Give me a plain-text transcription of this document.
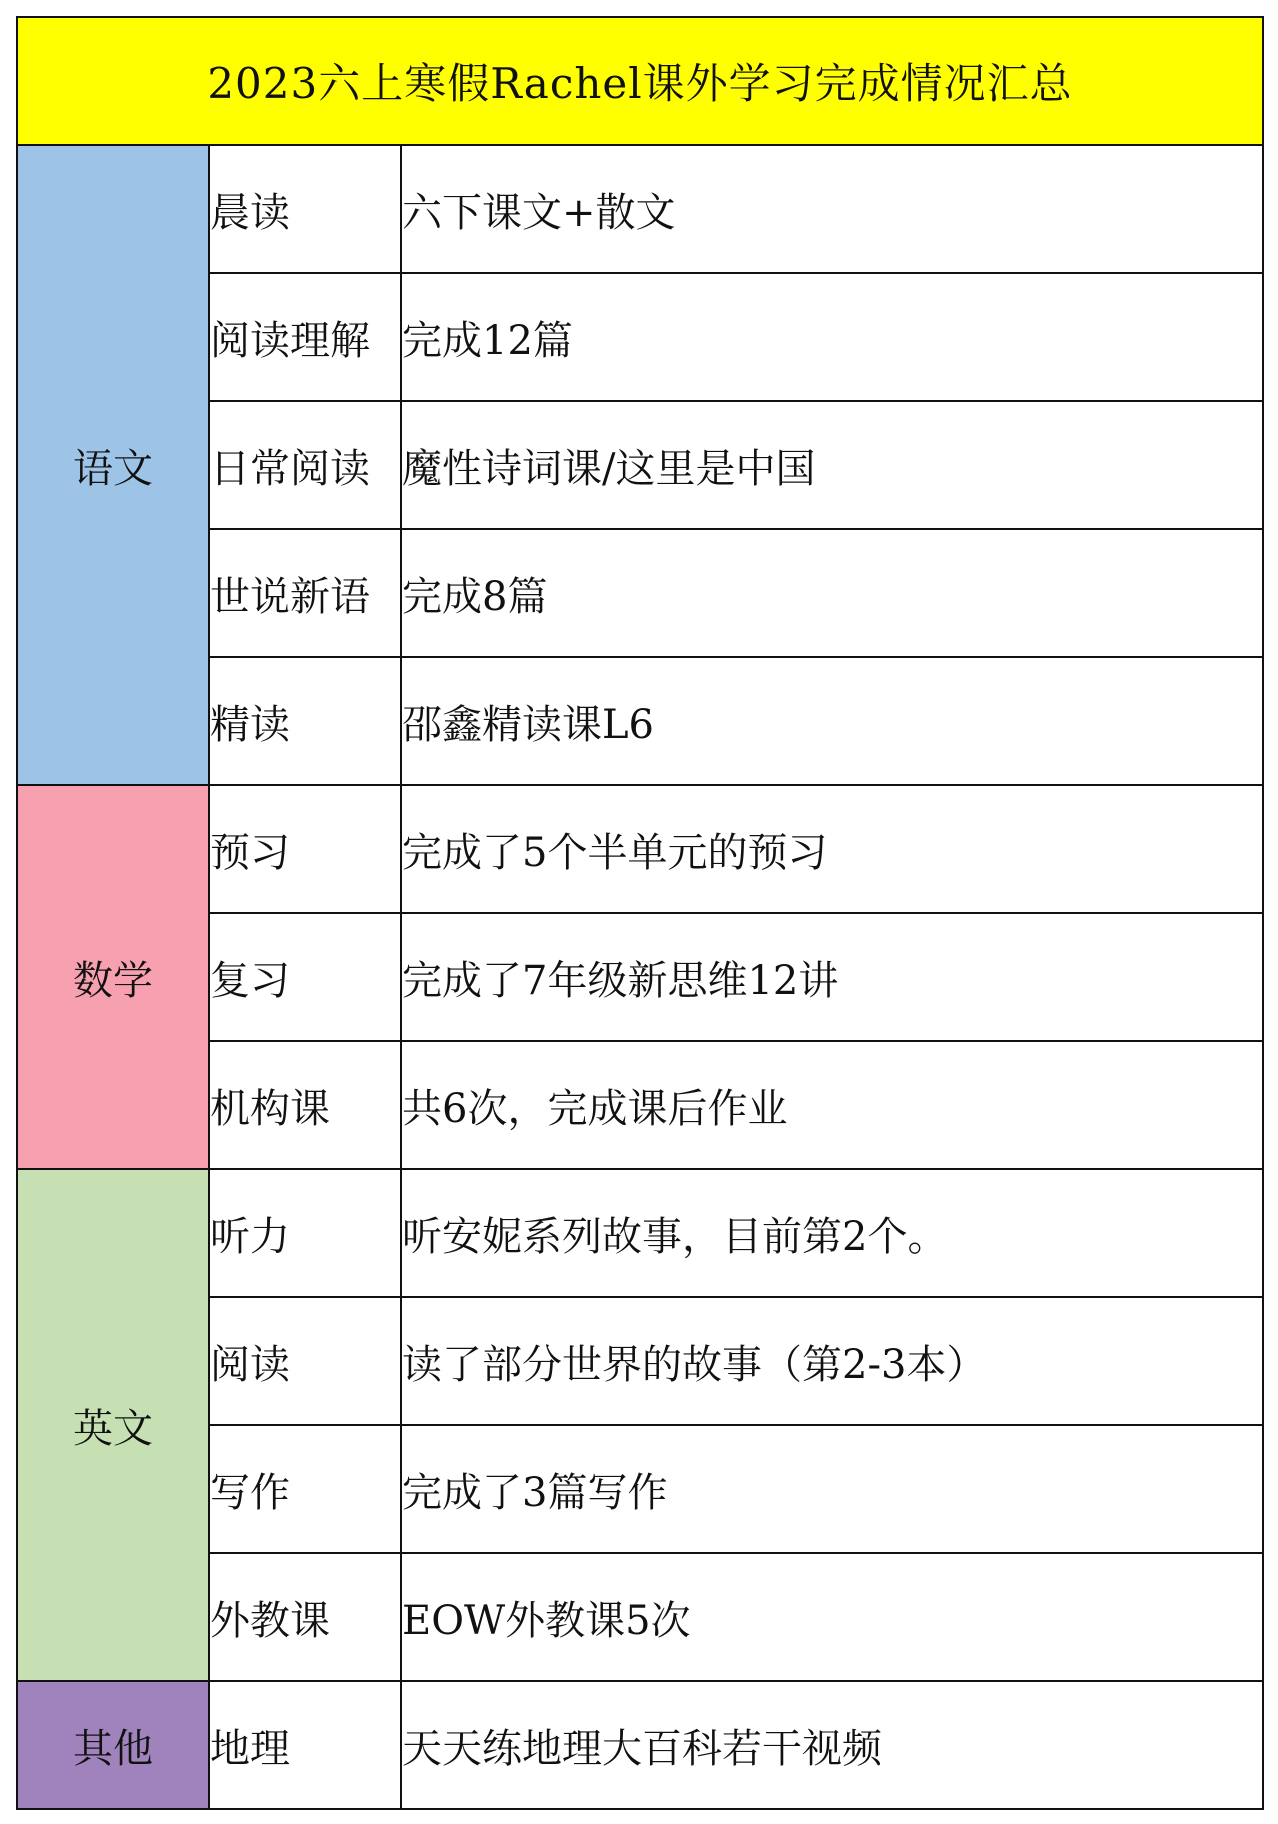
2023六上寒假Rachel课外学习完成情况汇总		
语文	晨读	六下课文+散文
	阅读理解	完成12篇
	日常阅读	魔性诗词课/这里是中国
	世说新语	完成8篇
	精读	邵鑫精读课L6
数学	预习	完成了5个半单元的预习
	复习	完成了7年级新思维12讲
	机构课	共6次，完成课后作业
英文	听力	听安妮系列故事，目前第2个。
	阅读	读了部分世界的故事（第2-3本）
	写作	完成了3篇写作
	外教课	EOW外教课5次
其他	地理	天天练地理大百科若干视频
